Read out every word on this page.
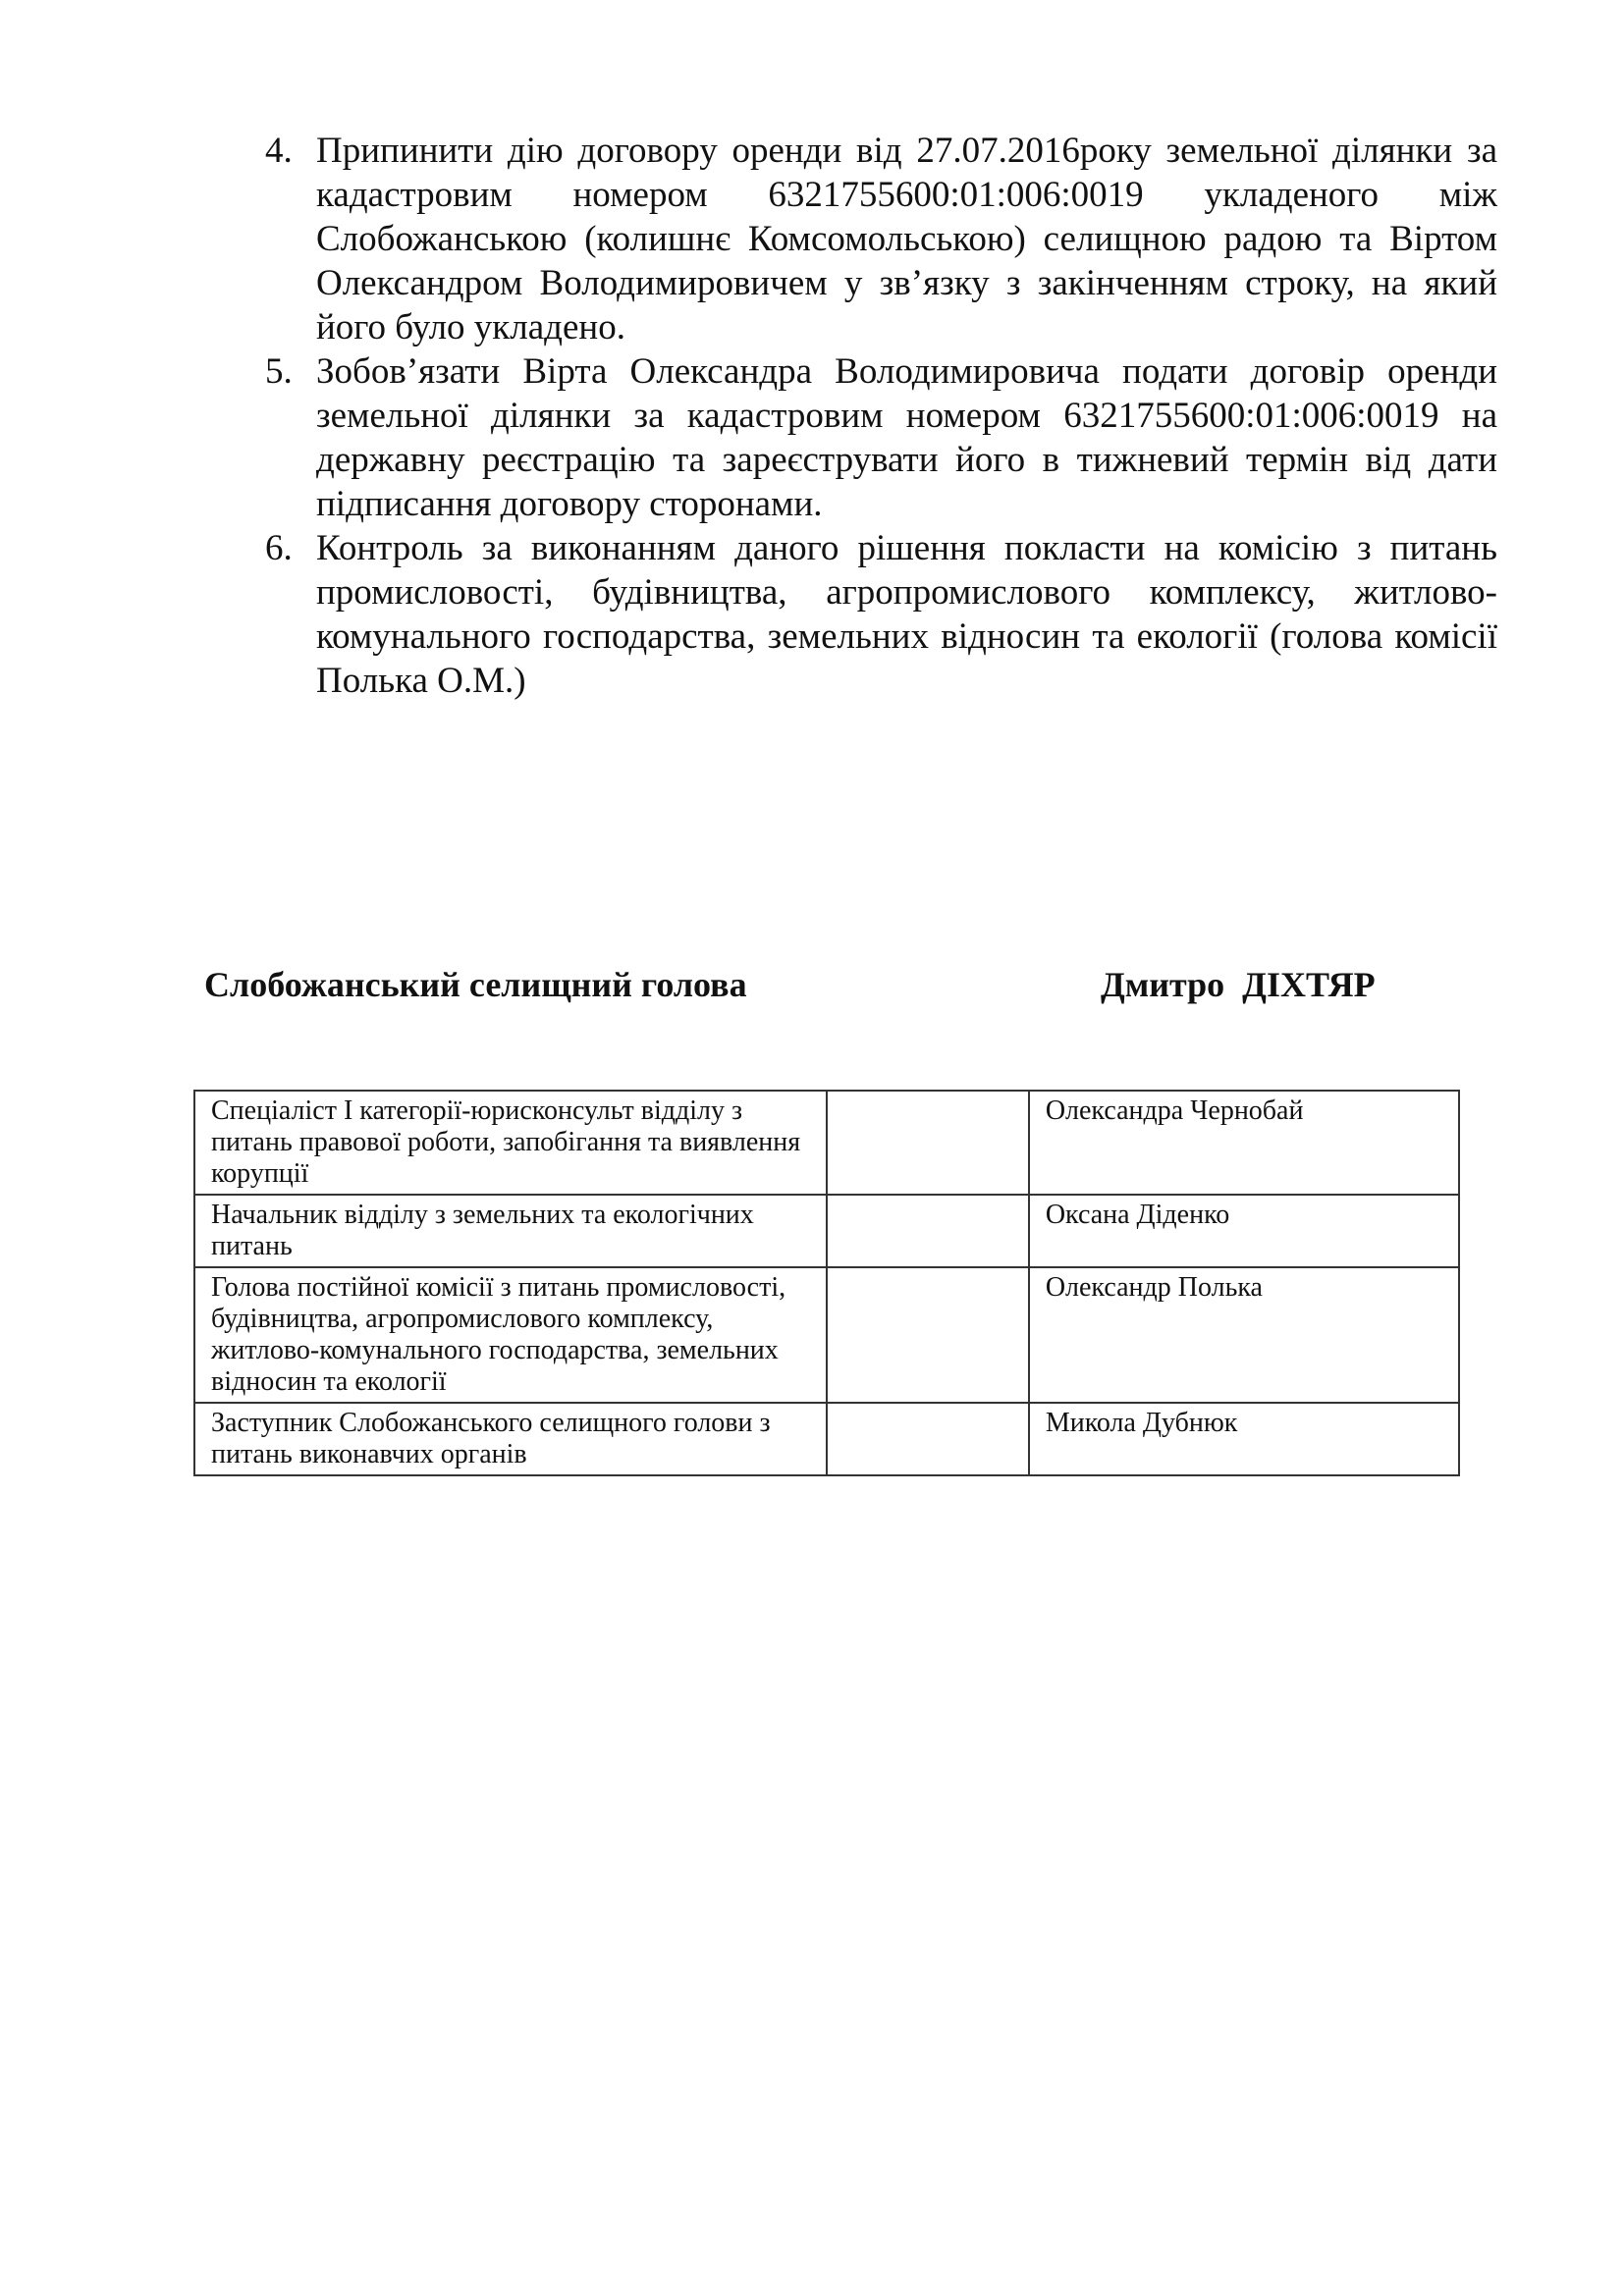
4. Припинити дію договору оренди від 27.07.2016року земельної ділянки за кадастровим номером 6321755600:01:006:0019 укладеного між Слобожанською (колишнє Комсомольською) селищною радою та Віртом Олександром Володимировичем у зв’язку з закінченням строку, на який його було укладено.
5. Зобов’язати Вірта Олександра Володимировича подати договір оренди земельної ділянки за кадастровим номером 6321755600:01:006:0019 на державну реєстрацію та зареєструвати його в тижневий термін від дати підписання договору сторонами.
6. Контроль за виконанням даного рішення покласти на комісію з питань промисловості, будівництва, агропромислового комплексу, житлово-комунального господарства, земельних відносин та екології (голова комісії Полька О.М.)
Слобожанський селищний голова	Дмитро  ДІХТЯР
Спеціаліст І категорії-юрисконсульт відділу з питань правової роботи, запобігання та виявлення корупції		Олександра Чернобай
Начальник відділу з земельних та екологічних питань		Оксана Діденко
Голова постійної комісії з питань промисловості, будівництва, агропромислового комплексу, житлово-комунального господарства, земельних відносин та екології		Олександр Полька
Заступник Слобожанського селищного голови з питань виконавчих органів		Микола Дубнюк
